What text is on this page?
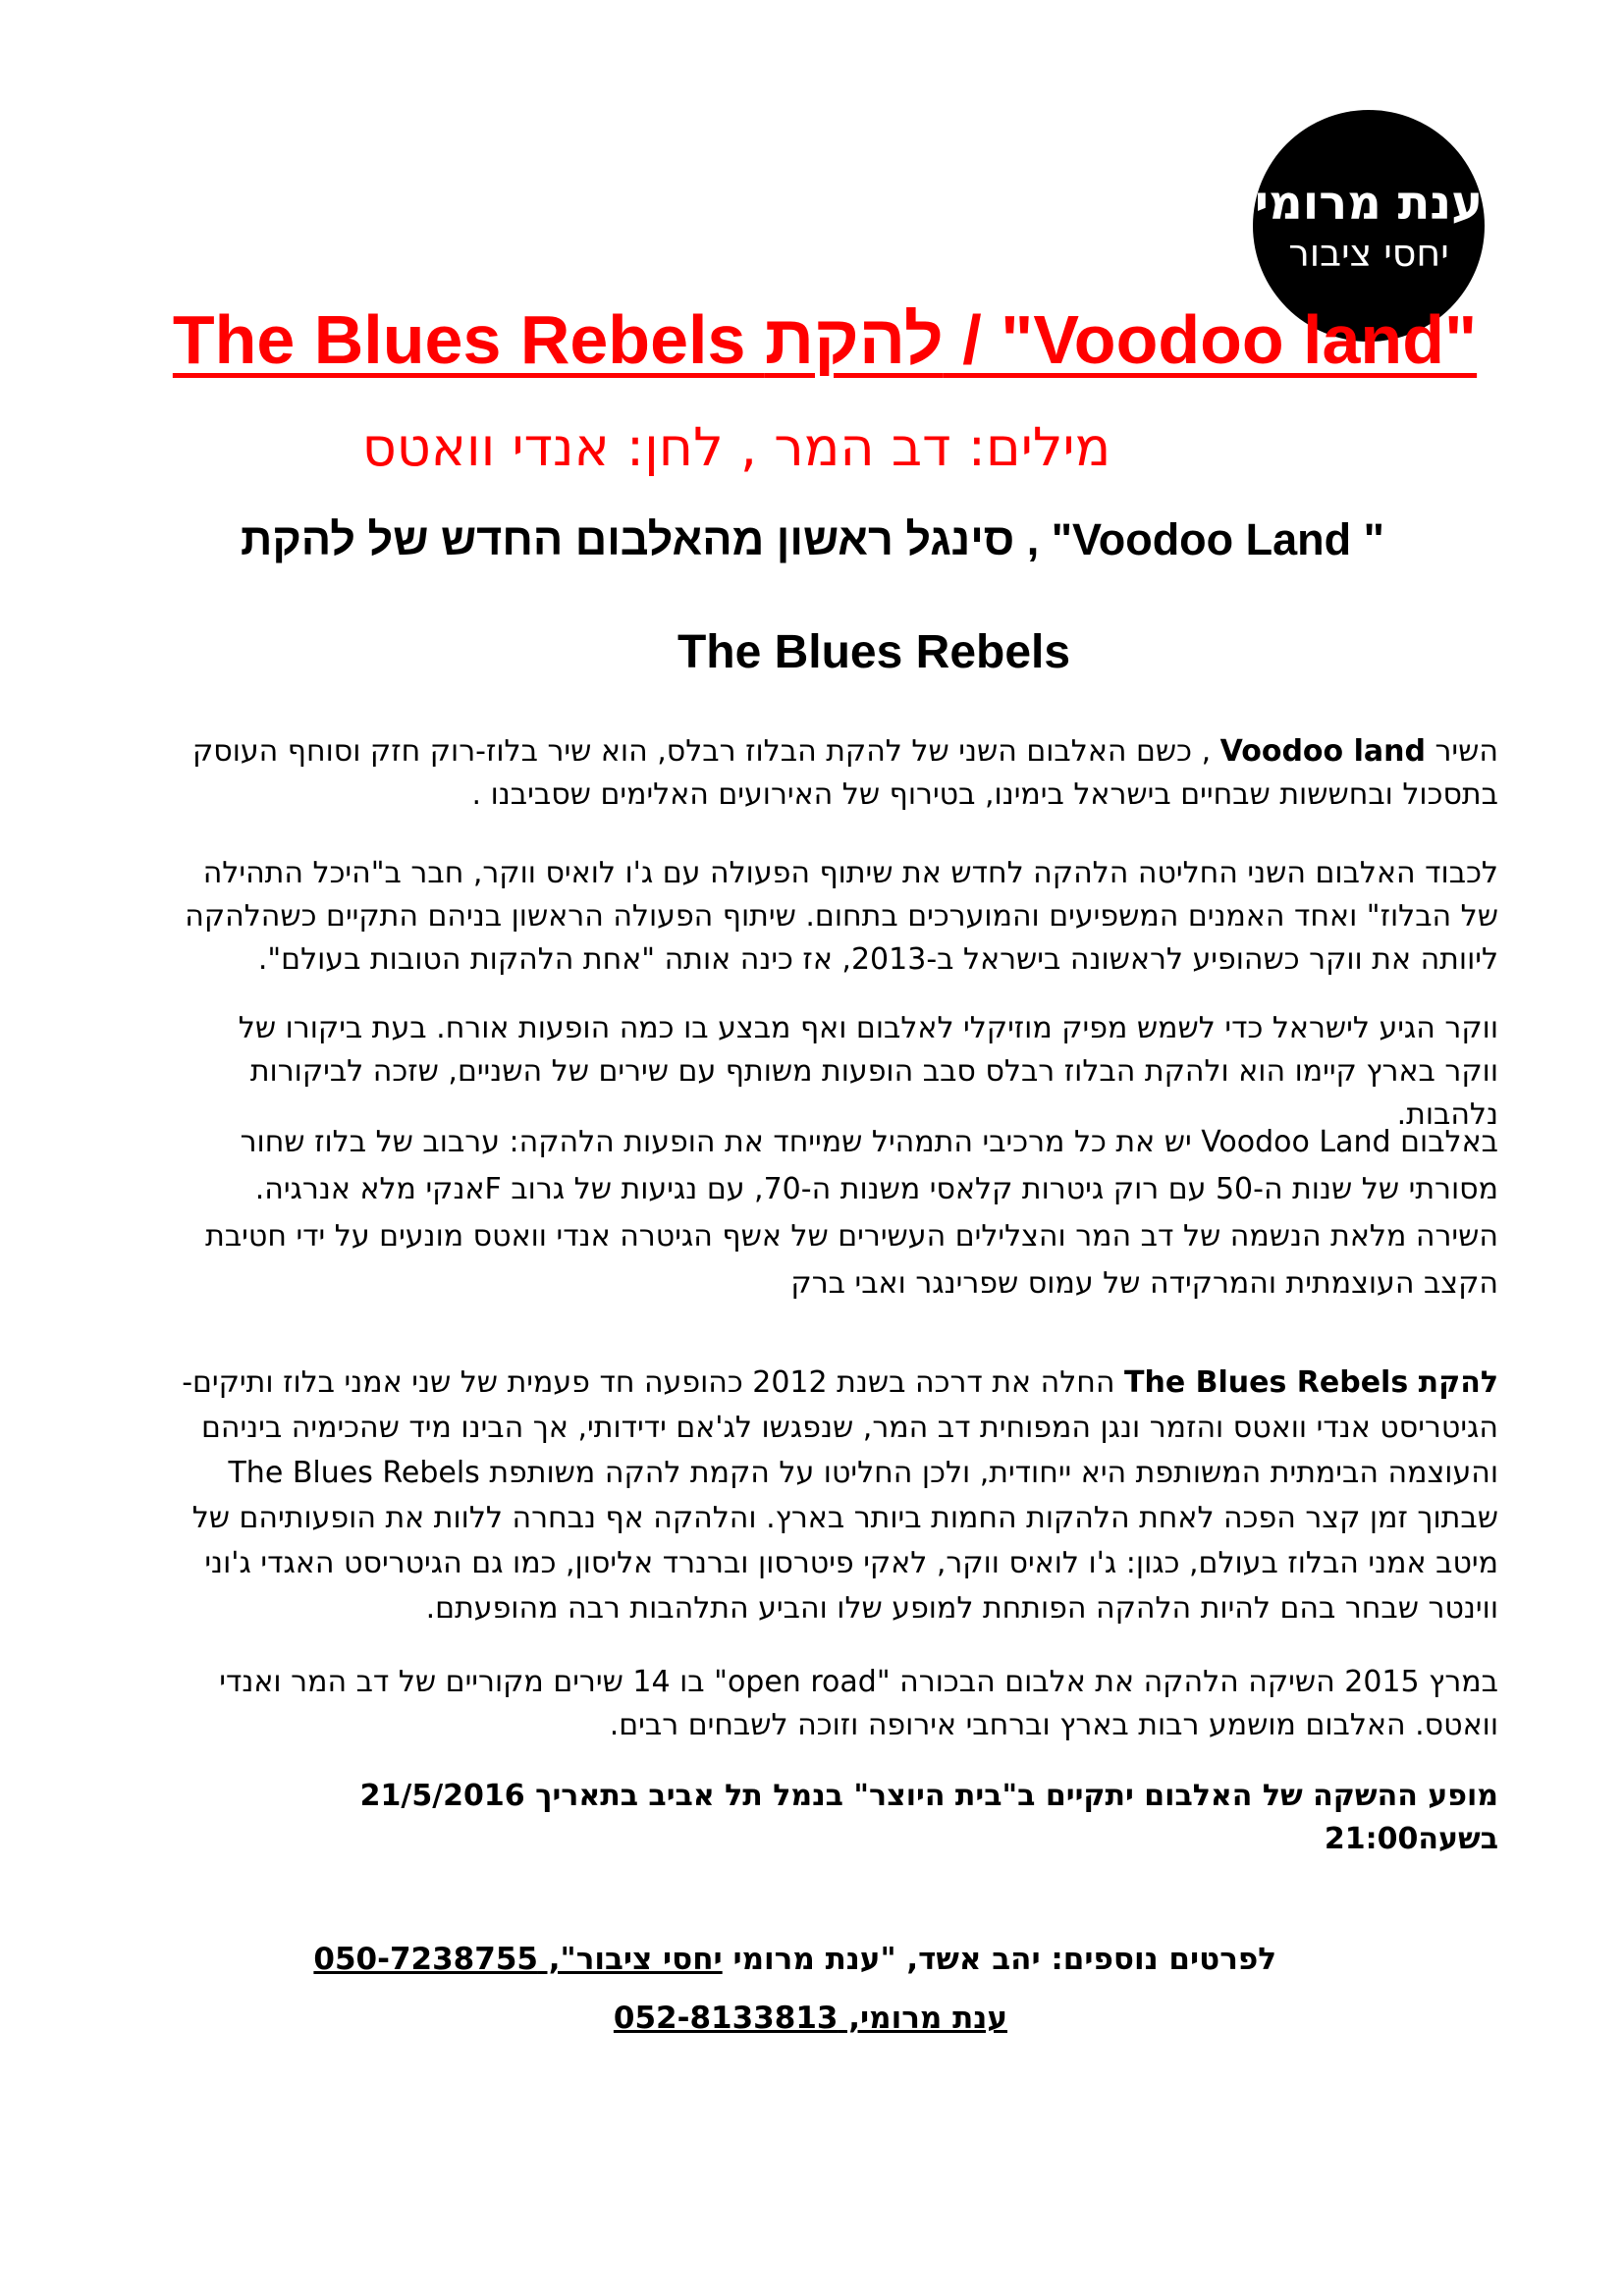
ענת מרומי
יחסי ציבור
The Blues Rebels להקת / "Voodoo land"
מילים: דב המר , לחן: אנדי וואטס
" Voodoo Land" , סינגל ראשון מהאלבום החדש של להקת
The Blues Rebels

השיר Voodoo land , כשם האלבום השני של להקת הבלוז רבלס, הוא שיר בלוז-רוק חזק וסוחף העוסק בתסכול ובחששות שבחיים בישראל בימינו, בטירוף של האירועים האלימים שסביבנו .

לכבוד האלבום השני החליטה הלהקה לחדש את שיתוף הפעולה עם ג'ו לואיס ווקר, חבר ב"היכל התהילה של הבלוז" ואחד האמנים המשפיעים והמוערכים בתחום. שיתוף הפעולה הראשון בניהם התקיים כשהלהקה ליוותה את ווקר כשהופיע לראשונה בישראל ב-2013, אז כינה אותה "אחת הלהקות הטובות בעולם".

ווקר הגיע לישראל כדי לשמש מפיק מוזיקלי לאלבום ואף מבצע בו כמה הופעות אורח. בעת ביקורו של ווקר בארץ קיימו הוא ולהקת הבלוז רבלס סבב הופעות משותף עם שירים של השניים, שזכה לביקורות נלהבות.

באלבום Voodoo Land יש את כל מרכיבי התמהיל שמייחד את הופעות הלהקה: ערבוב של בלוז שחור מסורתי של שנות ה-50 עם רוק גיטרות קלאסי משנות ה-70, עם נגיעות של גרוב Fאנקי מלא אנרגיה. השירה מלאת הנשמה של דב המר והצלילים העשירים של אשף הגיטרה אנדי וואטס מונעים על ידי חטיבת הקצב העוצמתית והמרקידה של עמוס שפרינגר ואבי ברק

להקת The Blues Rebels החלה את דרכה בשנת 2012 כהופעה חד פעמית של שני אמני בלוז ותיקים- הגיטריסט אנדי וואטס והזמר ונגן המפוחית דב המר, שנפגשו לג'אם ידידותי, אך הבינו מיד שהכימיה ביניהם והעוצמה הבימתית המשותפת היא ייחודית, ולכן החליטו על הקמת להקה משותפת The Blues Rebels שבתוך זמן קצר הפכה לאחת הלהקות החמות ביותר בארץ. והלהקה אף נבחרה ללוות את הופעותיהם של מיטב אמני הבלוז בעולם, כגון: ג'ו לואיס ווקר, לאקי פיטרסון וברנרד אליסון, כמו גם הגיטריסט האגדי ג'וני ווינטר שבחר בהם להיות הלהקה הפותחת למופע שלו והביע התלהבות רבה מהופעתם.

במרץ 2015 השיקה הלהקה את אלבום הבכורה "open road" בו 14 שירים מקוריים של דב המר ואנדי וואטס. האלבום מושמע רבות בארץ וברחבי אירופה וזוכה לשבחים רבים.

מופע ההשקה של האלבום יתקיים ב"בית היוצר" בנמל תל אביב בתאריך 21/5/2016 בשעה21:00

לפרטים נוספים: יהב אשד, "ענת מרומי יחסי ציבור", 050-7238755
ענת מרומי, 052-8133813
